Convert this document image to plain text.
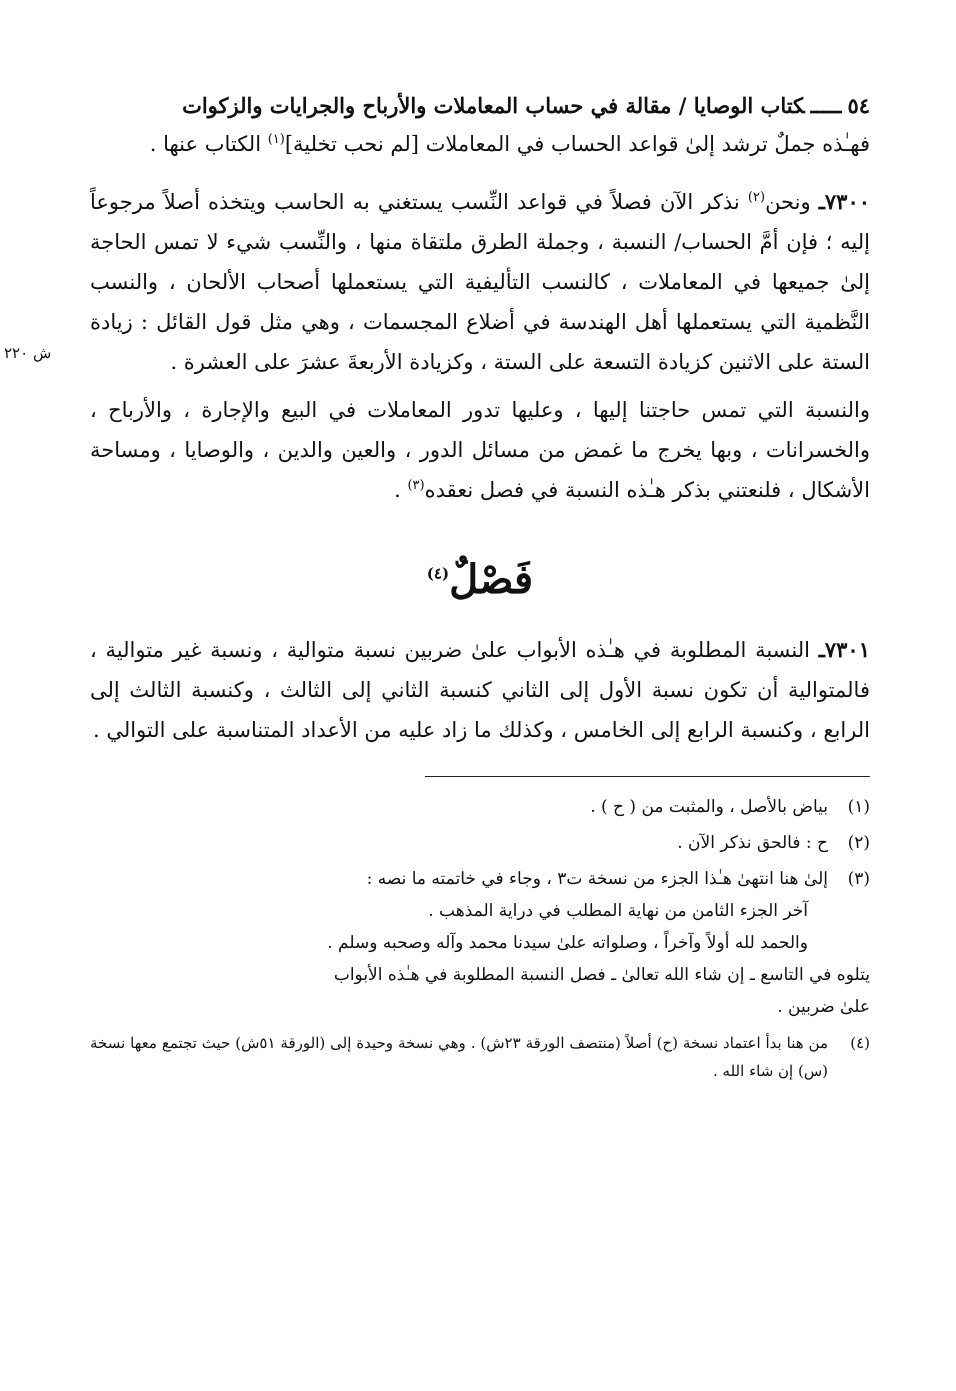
٥٤ـــــكتاب الوصايا / مقالة في حساب المعاملات والأرباح والجرايات والزكوات

فهـٰذه جملٌ ترشد إلىٰ قواعد الحساب في المعاملات [لم نحب تخلية]$^{(١)}$ الكتاب عنها .

٧٣٠٠ـ ونحن$^{(٢)}$ نذكر الآن فصلاً في قواعد النِّسب يستغني به الحاسب ويتخذه أصلاً مرجوعاً إليه ؛ فإن أمَّ الحساب/ النسبة ، وجملة الطرق ملتقاة منها ، والنِّسب شيء لا تمس الحاجة إلىٰ جميعها في المعاملات ، كالنسب التأليفية التي يستعملها أصحاب الألحان ، والنسب النَّظمية التي يستعملها أهل الهندسة في أضلاع المجسمات ، وهي مثل قول القائل : زيادة الستة على الاثنين كزيادة التسعة على الستة ، وكزيادة الأربعةَ عشرَ على العشرة .

والنسبة التي تمس حاجتنا إليها ، وعليها تدور المعاملات في البيع والإجارة ، والأرباح ، والخسرانات ، وبها يخرج ما غمض من مسائل الدور ، والعين والدين ، والوصايا ، ومساحة الأشكال ، فلنعتني بذكر هـٰذه النسبة في فصل نعقده$^{(٣)}$ .

فَصْلٌ$^{(٤)}$

٧٣٠١ـ النسبة المطلوبة في هـٰذه الأبواب علىٰ ضربين نسبة متوالية ، ونسبة غير متوالية ، فالمتوالية أن تكون نسبة الأول إلى الثاني كنسبة الثاني إلى الثالث ، وكنسبة الثالث إلى الرابع ، وكنسبة الرابع إلى الخامس ، وكذلك ما زاد عليه من الأعداد المتناسبة على التوالي .

(١)
بياض بالأصل ، والمثبت من ( ح ) .
(٢)
ح : فالحق نذكر الآن .
(٣)
إلىٰ هنا انتهىٰ هـٰذا الجزء من نسخة ت٣ ، وجاء في خاتمته ما نصه :
آخر الجزء الثامن من نهاية المطلب في دراية المذهب .
والحمد لله أولاً وآخراً ، وصلواته علىٰ سيدنا محمد وآله وصحبه وسلم .
يتلوه في التاسع ـ إن شاء الله تعالىٰ ـ فصل النسبة المطلوبة في هـٰذه الأبواب
علىٰ ضربين .
(٤)
من هنا بدأ اعتماد نسخة (ح) أصلاً (منتصف الورقة ٢٣ش) . وهي نسخة وحيدة إلى (الورقة ٥١ش) حيث تجتمع معها نسخة (س) إن شاء الله .
ش ٢٢٠
